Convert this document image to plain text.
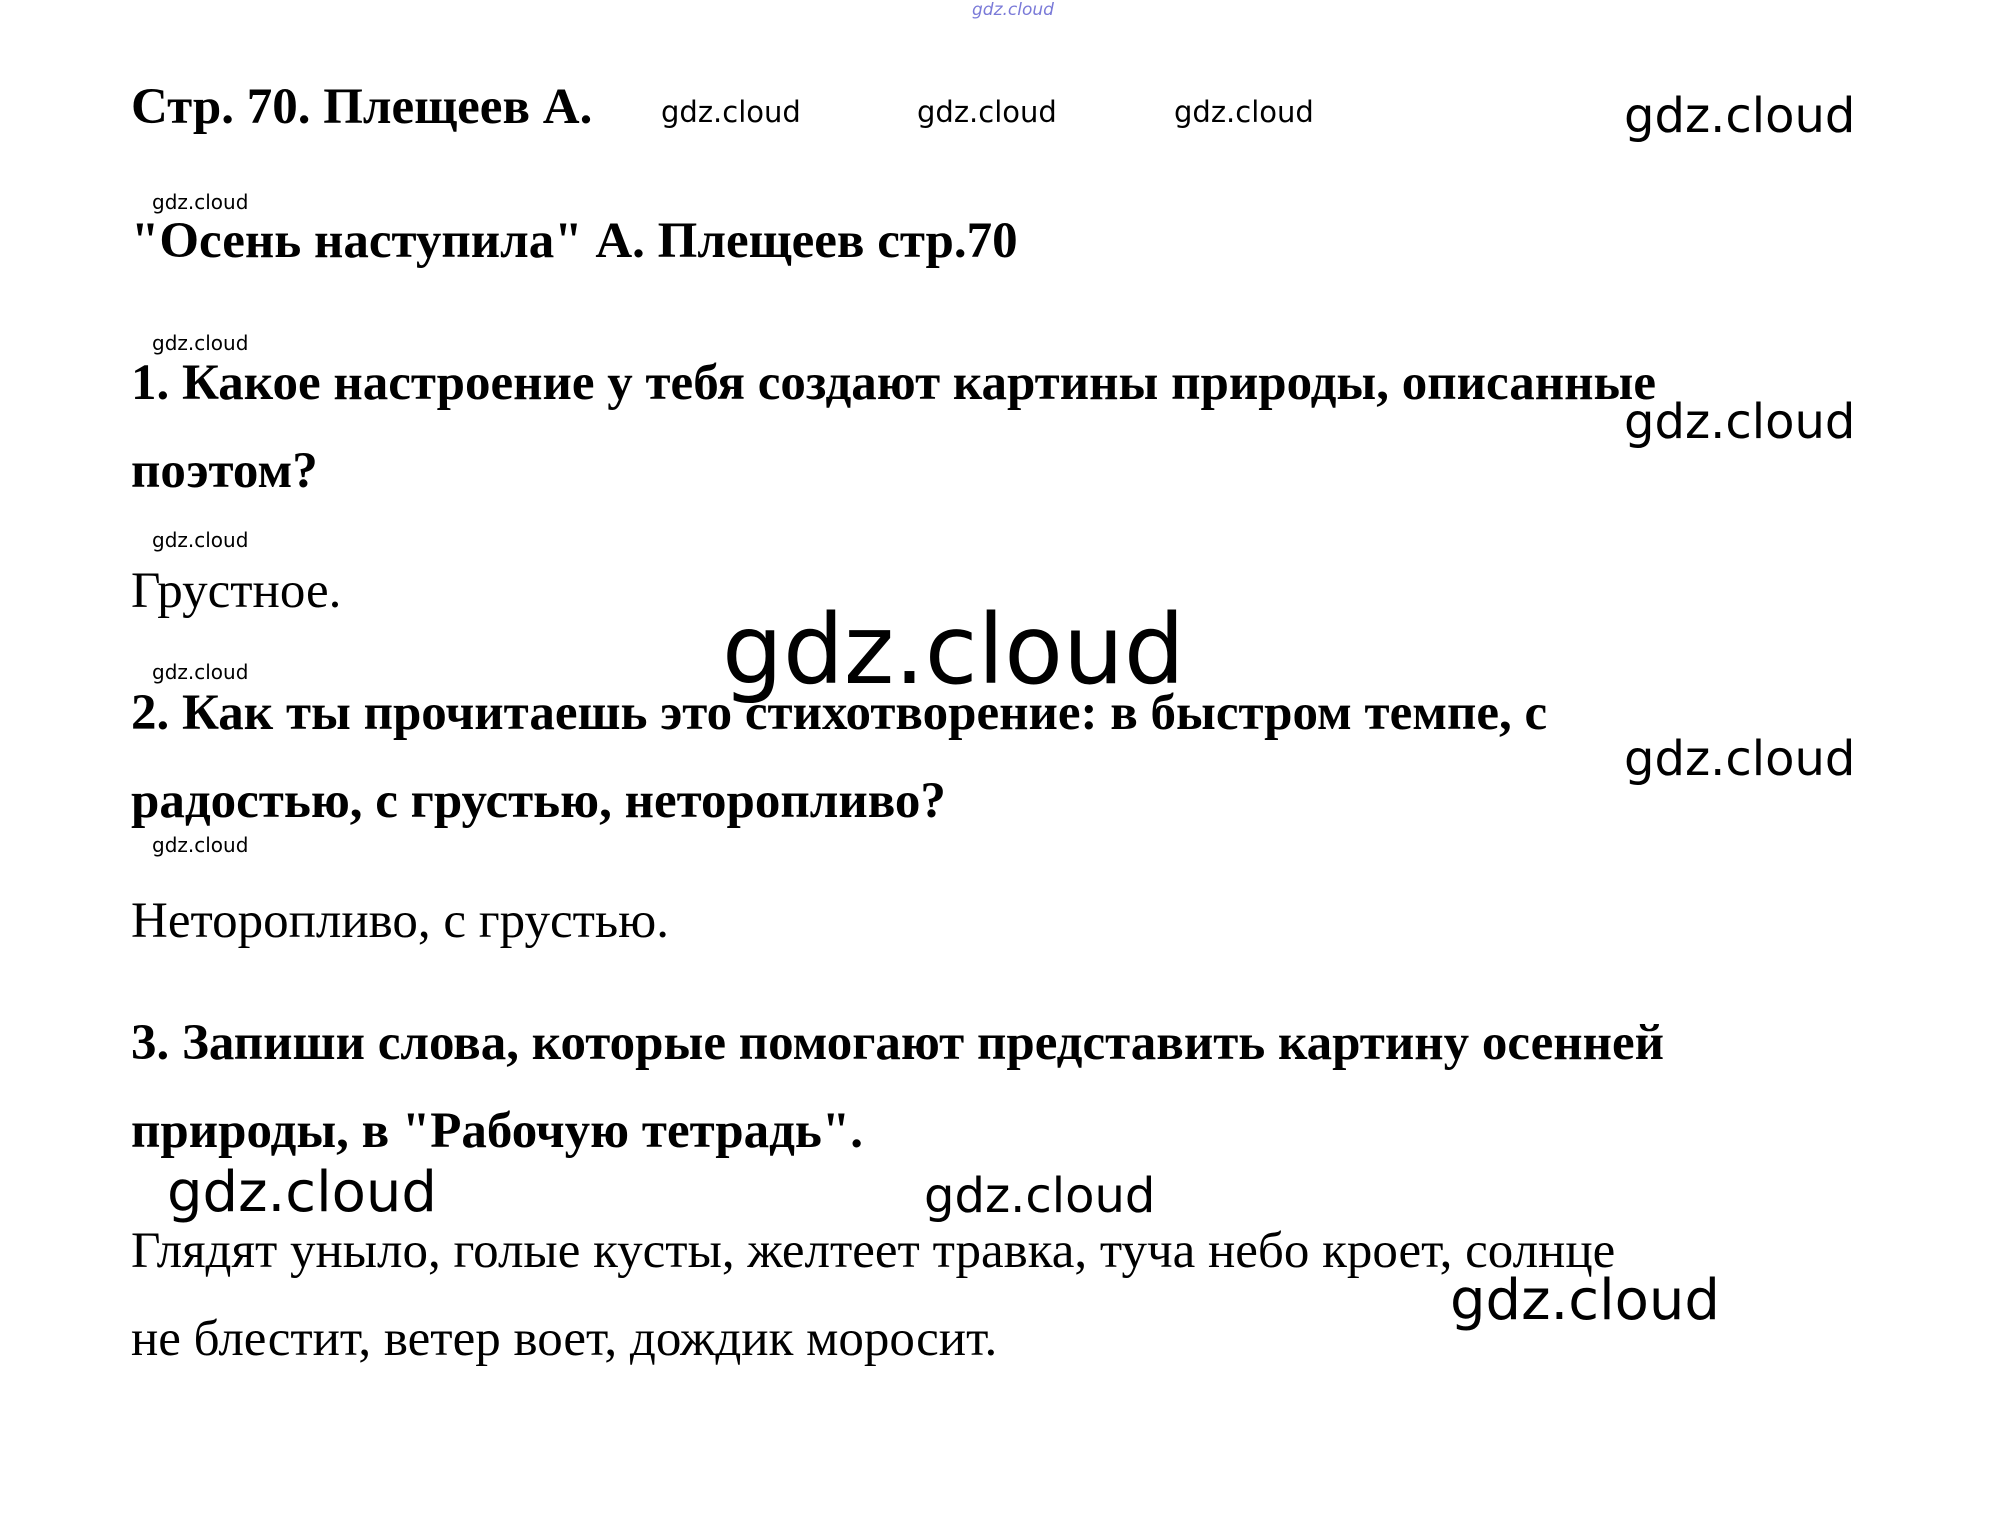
Стр. 70. Плещеев А.
"Осень наступила" А. Плещеев стр.70
1. Какое настроение у тебя создают картины природы, описанные
поэтом?
Грустное.
2. Как ты прочитаешь это стихотворение: в быстром темпе, с
радостью, с грустью, неторопливо?
Неторопливо, с грустью.
3. Запиши слова, которые помогают представить картину осенней
природы, в "Рабочую тетрадь".
Глядят уныло, голые кусты, желтеет травка, туча небо кроет, солнце
не блестит, ветер воет, дождик моросит.
gdz.cloud
gdz.cloud	gdz.cloud	gdz.cloud	gdz.cloud
gdz.cloud
gdz.cloud
gdz.cloud
gdz.cloud
gdz.cloud
gdz.cloud
gdz.cloud
gdz.cloud
gdz.cloud	gdz.cloud
gdz.cloud
